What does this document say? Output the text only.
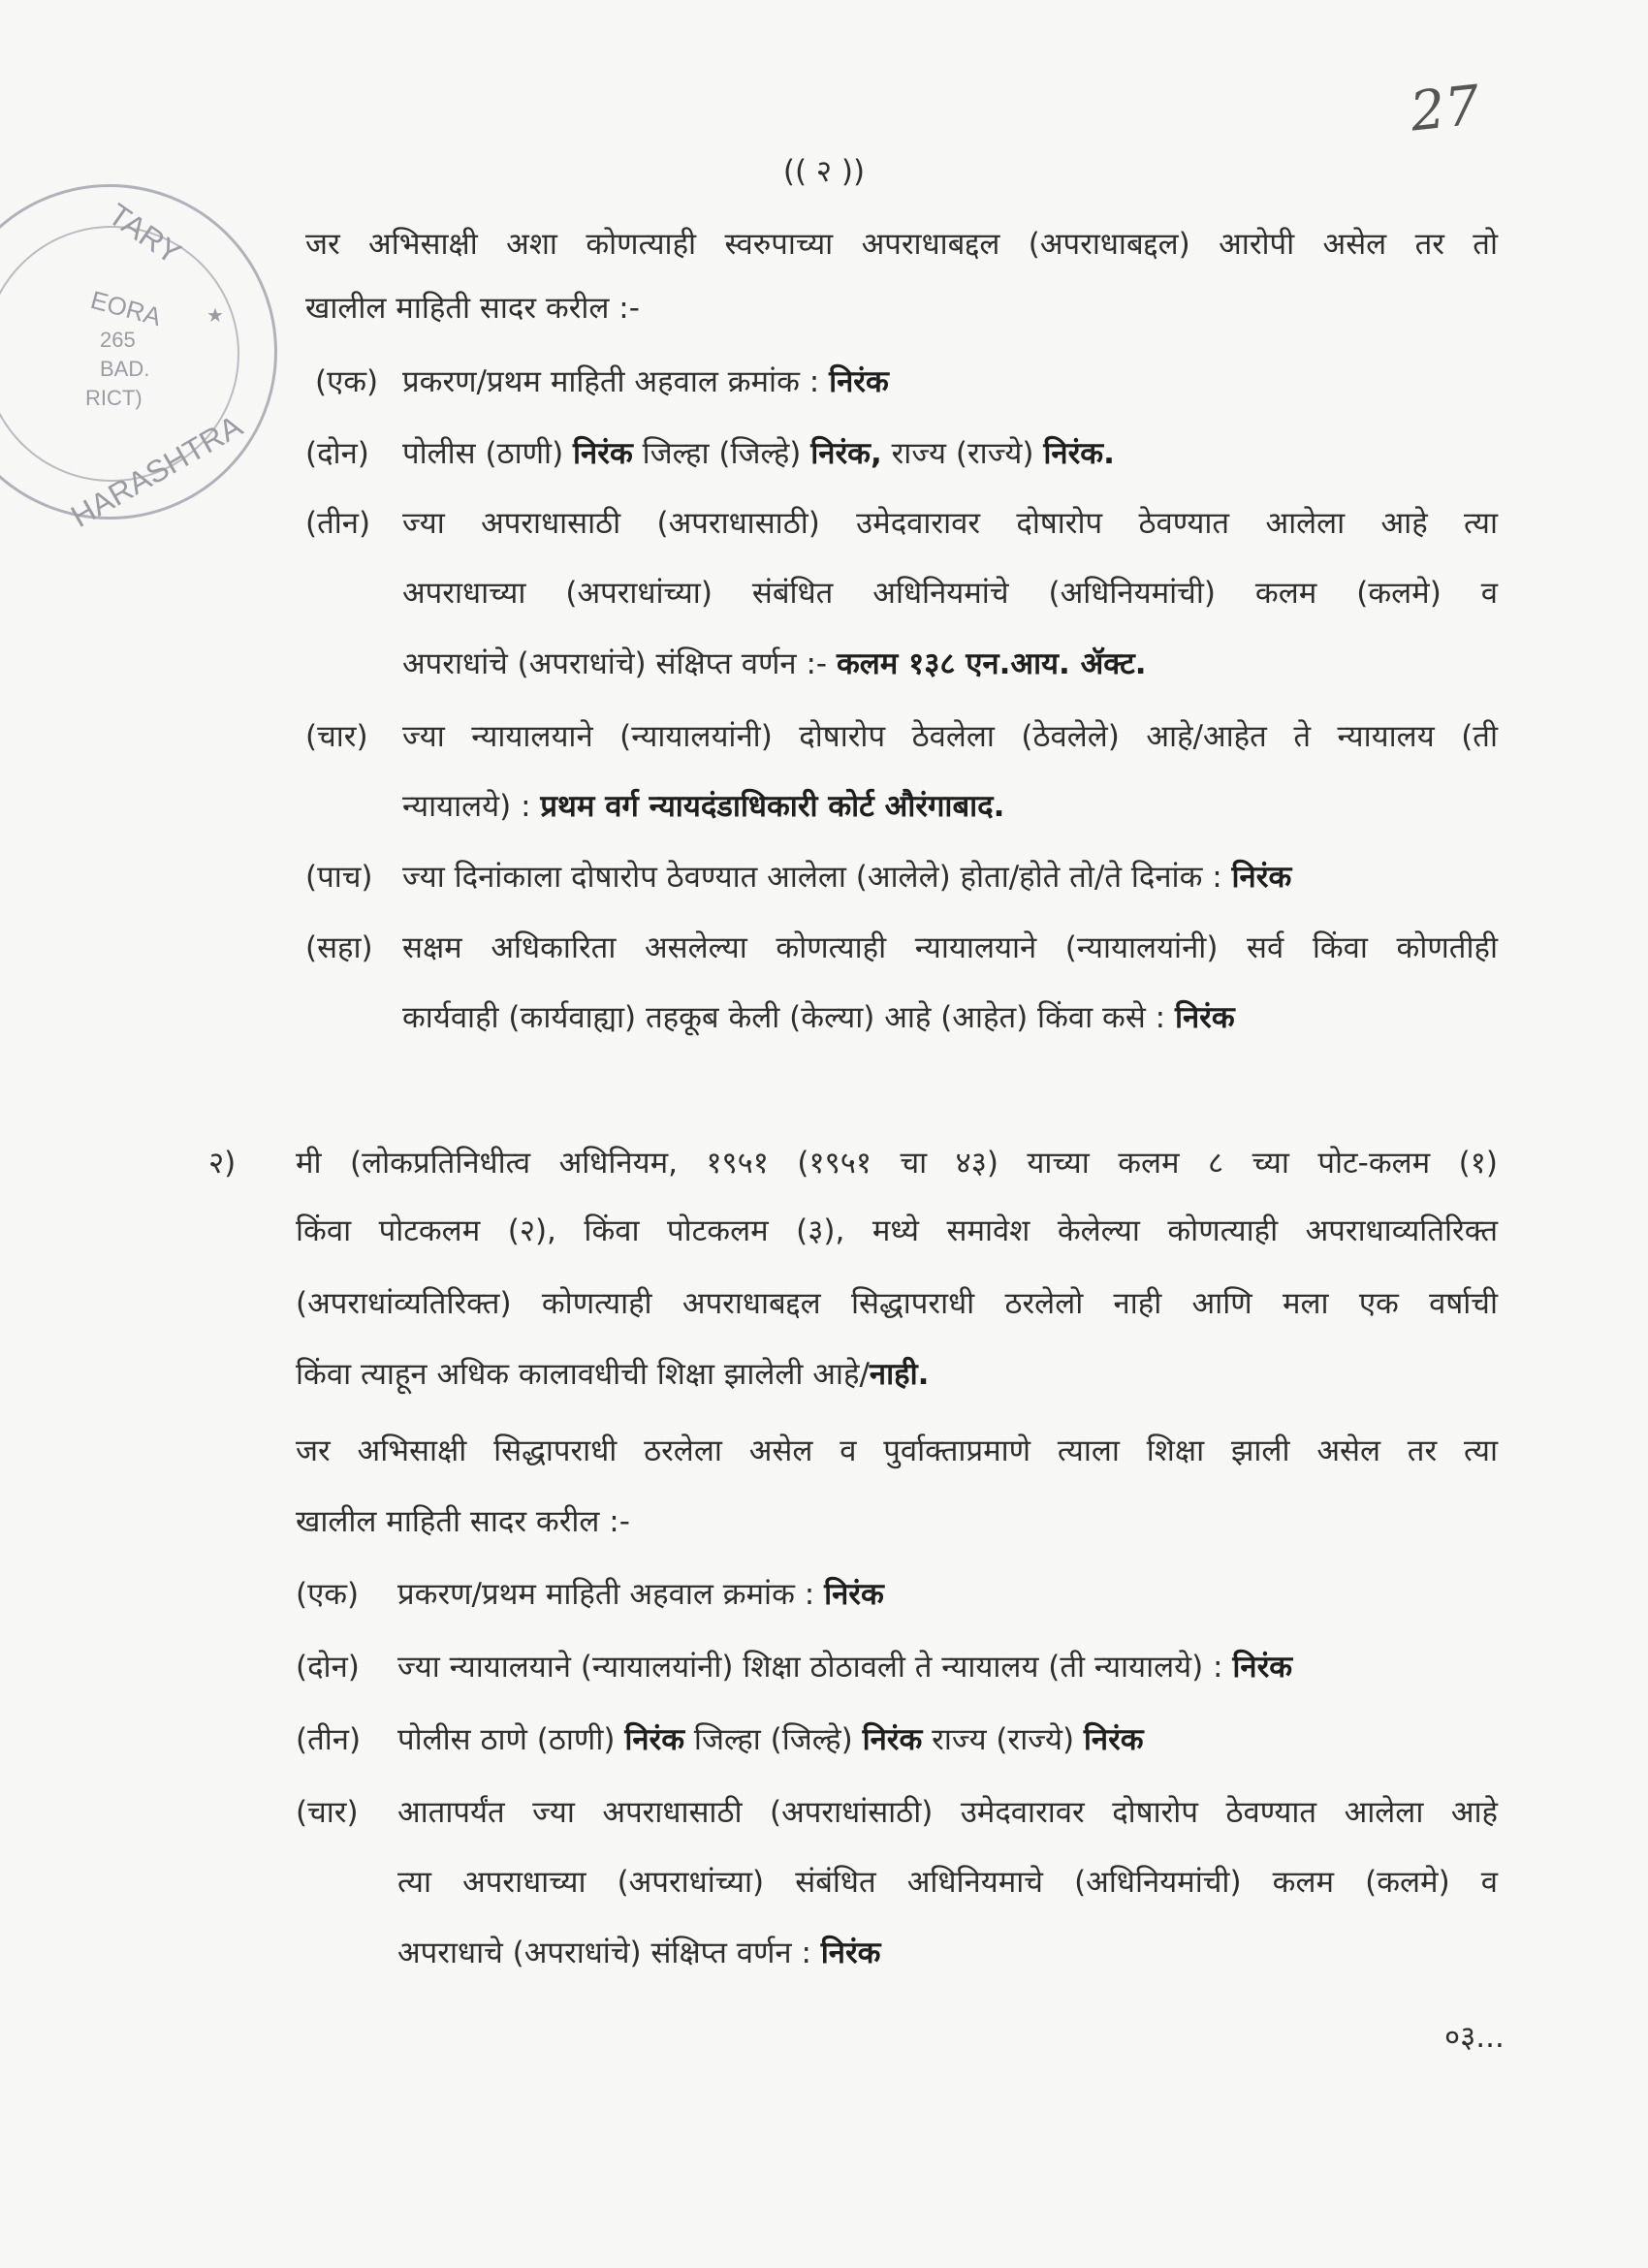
27
TARY
★
EORA
265
BAD.
RICT)
HARASHTRA
(( २ ))
जर अभिसाक्षी अशा कोणत्याही स्वरुपाच्या अपराधाबद्दल (अपराधाबद्दल) आरोपी असेल तर तो
खालील माहिती सादर करील :-
(एक) प्रकरण/प्रथम माहिती अहवाल क्रमांक : निरंक
(दोन) पोलीस (ठाणी) निरंक जिल्हा (जिल्हे) निरंक, राज्य (राज्ये) निरंक.
(तीन) ज्या अपराधासाठी (अपराधासाठी) उमेदवारावर दोषारोप ठेवण्यात आलेला आहे त्या
अपराधाच्या (अपराधांच्या) संबंधित अधिनियमांचे (अधिनियमांची) कलम (कलमे) व
अपराधांचे (अपराधांचे) संक्षिप्त वर्णन :- कलम १३८ एन.आय. ॲक्ट.
(चार) ज्या न्यायालयाने (न्यायालयांनी) दोषारोप ठेवलेला (ठेवलेले) आहे/आहेत ते न्यायालय (ती
न्यायालये) : प्रथम वर्ग न्यायदंडाधिकारी कोर्ट औरंगाबाद.
(पाच) ज्या दिनांकाला दोषारोप ठेवण्यात आलेला (आलेले) होता/होते तो/ते दिनांक : निरंक
(सहा) सक्षम अधिकारिता असलेल्या कोणत्याही न्यायालयाने (न्यायालयांनी) सर्व किंवा कोणतीही
कार्यवाही (कार्यवाह्या) तहकूब केली (केल्या) आहे (आहेत) किंवा कसे : निरंक
२) मी (लोकप्रतिनिधीत्व अधिनियम, १९५१ (१९५१ चा ४३) याच्या कलम ८ च्या पोट-कलम (१)
किंवा पोटकलम (२), किंवा पोटकलम (३), मध्ये समावेश केलेल्या कोणत्याही अपराधाव्यतिरिक्त
(अपराधांव्यतिरिक्त) कोणत्याही अपराधाबद्दल सिद्धापराधी ठरलेलो नाही आणि मला एक वर्षाची
किंवा त्याहून अधिक कालावधीची शिक्षा झालेली आहे/नाही.
जर अभिसाक्षी सिद्धापराधी ठरलेला असेल व पुर्वाक्ताप्रमाणे त्याला शिक्षा झाली असेल तर त्या
खालील माहिती सादर करील :-
(एक) प्रकरण/प्रथम माहिती अहवाल क्रमांक : निरंक
(दोन) ज्या न्यायालयाने (न्यायालयांनी) शिक्षा ठोठावली ते न्यायालय (ती न्यायालये) : निरंक
(तीन) पोलीस ठाणे (ठाणी) निरंक जिल्हा (जिल्हे) निरंक राज्य (राज्ये) निरंक
(चार) आतापर्यंत ज्या अपराधासाठी (अपराधांसाठी) उमेदवारावर दोषारोप ठेवण्यात आलेला आहे
त्या अपराधाच्या (अपराधांच्या) संबंधित अधिनियमाचे (अधिनियमांची) कलम (कलमे) व
अपराधाचे (अपराधांचे) संक्षिप्त वर्णन : निरंक
०३...
